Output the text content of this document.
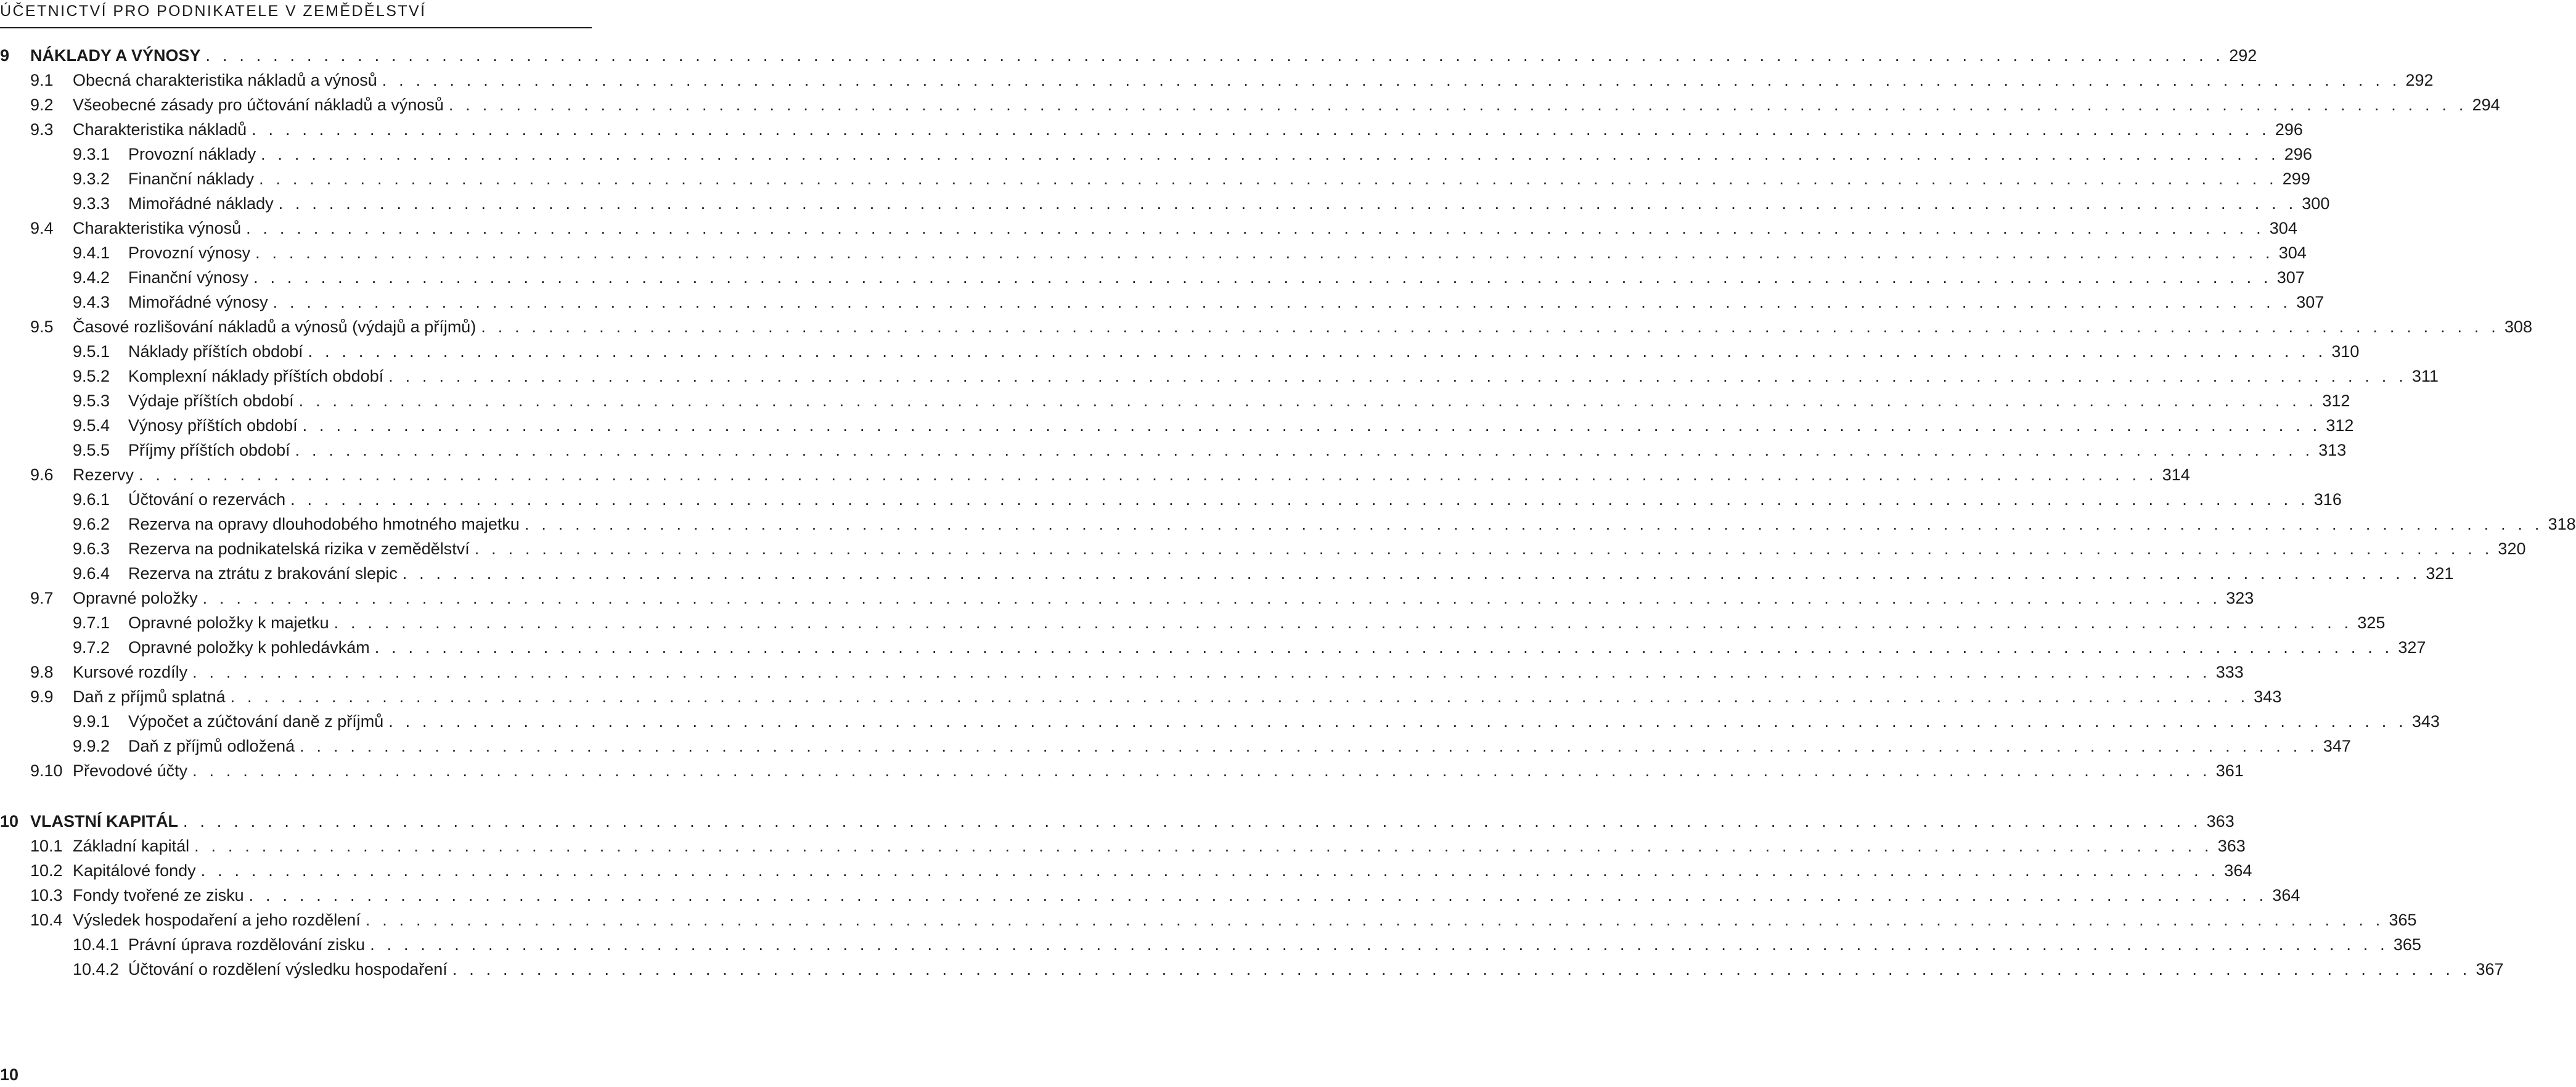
ÚČETNICTVÍ PRO PODNIKATELE V ZEMĚDĚLSTVÍ
9	NÁKLADY A VÝNOSY . . . . . . . . . . . . . . . . . . . . . . . . . . . . . . . . . . . . . . . . . . . . . . . . . . . . . . . . . . . . . . . . . . . . . . . . . . . . . . . . . . . . . . . . . . . . . . . . . . . . . . . . . . . . . . . . . . . . . . . . 292
9.1	Obecná charakteristika nákladů a výnosů . . . . . . . . . . . . . . . . . . . . . . . . . . . . . . . . . . . . . . . . . . . . . . . . . . . . . . . . . . . . . . . . . . . . . . . . . . . . . . . . . . . . . . . . . . . . . . . . . . . . . . . . . . . . . . . . . . . . . . . . 292
9.2	Všeobecné zásady pro účtování nákladů a výnosů . . . . . . . . . . . . . . . . . . . . . . . . . . . . . . . . . . . . . . . . . . . . . . . . . . . . . . . . . . . . . . . . . . . . . . . . . . . . . . . . . . . . . . . . . . . . . . . . . . . . . . . . . . . . . . . . . . . . . . . . 294
9.3	Charakteristika nákladů . . . . . . . . . . . . . . . . . . . . . . . . . . . . . . . . . . . . . . . . . . . . . . . . . . . . . . . . . . . . . . . . . . . . . . . . . . . . . . . . . . . . . . . . . . . . . . . . . . . . . . . . . . . . . . . . . . . . . . . . 296
9.3.1	Provozní náklady . . . . . . . . . . . . . . . . . . . . . . . . . . . . . . . . . . . . . . . . . . . . . . . . . . . . . . . . . . . . . . . . . . . . . . . . . . . . . . . . . . . . . . . . . . . . . . . . . . . . . . . . . . . . . . . . . . . . . . . . 296
9.3.2	Finanční náklady . . . . . . . . . . . . . . . . . . . . . . . . . . . . . . . . . . . . . . . . . . . . . . . . . . . . . . . . . . . . . . . . . . . . . . . . . . . . . . . . . . . . . . . . . . . . . . . . . . . . . . . . . . . . . . . . . . . . . . . . 299
9.3.3	Mimořádné náklady . . . . . . . . . . . . . . . . . . . . . . . . . . . . . . . . . . . . . . . . . . . . . . . . . . . . . . . . . . . . . . . . . . . . . . . . . . . . . . . . . . . . . . . . . . . . . . . . . . . . . . . . . . . . . . . . . . . . . . . . 300
9.4	Charakteristika výnosů . . . . . . . . . . . . . . . . . . . . . . . . . . . . . . . . . . . . . . . . . . . . . . . . . . . . . . . . . . . . . . . . . . . . . . . . . . . . . . . . . . . . . . . . . . . . . . . . . . . . . . . . . . . . . . . . . . . . . . . . 304
9.4.1	Provozní výnosy . . . . . . . . . . . . . . . . . . . . . . . . . . . . . . . . . . . . . . . . . . . . . . . . . . . . . . . . . . . . . . . . . . . . . . . . . . . . . . . . . . . . . . . . . . . . . . . . . . . . . . . . . . . . . . . . . . . . . . . . 304
9.4.2	Finanční výnosy . . . . . . . . . . . . . . . . . . . . . . . . . . . . . . . . . . . . . . . . . . . . . . . . . . . . . . . . . . . . . . . . . . . . . . . . . . . . . . . . . . . . . . . . . . . . . . . . . . . . . . . . . . . . . . . . . . . . . . . . 307
9.4.3	Mimořádné výnosy . . . . . . . . . . . . . . . . . . . . . . . . . . . . . . . . . . . . . . . . . . . . . . . . . . . . . . . . . . . . . . . . . . . . . . . . . . . . . . . . . . . . . . . . . . . . . . . . . . . . . . . . . . . . . . . . . . . . . . . . 307
9.5	Časové rozlišování nákladů a výnosů (výdajů a příjmů) . . . . . . . . . . . . . . . . . . . . . . . . . . . . . . . . . . . . . . . . . . . . . . . . . . . . . . . . . . . . . . . . . . . . . . . . . . . . . . . . . . . . . . . . . . . . . . . . . . . . . . . . . . . . . . . . . . . . . . . . 308
9.5.1	Náklady příštích období . . . . . . . . . . . . . . . . . . . . . . . . . . . . . . . . . . . . . . . . . . . . . . . . . . . . . . . . . . . . . . . . . . . . . . . . . . . . . . . . . . . . . . . . . . . . . . . . . . . . . . . . . . . . . . . . . . . . . . . . 310
9.5.2	Komplexní náklady příštích období . . . . . . . . . . . . . . . . . . . . . . . . . . . . . . . . . . . . . . . . . . . . . . . . . . . . . . . . . . . . . . . . . . . . . . . . . . . . . . . . . . . . . . . . . . . . . . . . . . . . . . . . . . . . . . . . . . . . . . . . 311
9.5.3	Výdaje příštích období . . . . . . . . . . . . . . . . . . . . . . . . . . . . . . . . . . . . . . . . . . . . . . . . . . . . . . . . . . . . . . . . . . . . . . . . . . . . . . . . . . . . . . . . . . . . . . . . . . . . . . . . . . . . . . . . . . . . . . . . 312
9.5.4	Výnosy příštích období . . . . . . . . . . . . . . . . . . . . . . . . . . . . . . . . . . . . . . . . . . . . . . . . . . . . . . . . . . . . . . . . . . . . . . . . . . . . . . . . . . . . . . . . . . . . . . . . . . . . . . . . . . . . . . . . . . . . . . . . 312
9.5.5	Příjmy příštích období . . . . . . . . . . . . . . . . . . . . . . . . . . . . . . . . . . . . . . . . . . . . . . . . . . . . . . . . . . . . . . . . . . . . . . . . . . . . . . . . . . . . . . . . . . . . . . . . . . . . . . . . . . . . . . . . . . . . . . . . 313
9.6	Rezervy . . . . . . . . . . . . . . . . . . . . . . . . . . . . . . . . . . . . . . . . . . . . . . . . . . . . . . . . . . . . . . . . . . . . . . . . . . . . . . . . . . . . . . . . . . . . . . . . . . . . . . . . . . . . . . . . . . . . . . . . 314
9.6.1	Účtování o rezervách . . . . . . . . . . . . . . . . . . . . . . . . . . . . . . . . . . . . . . . . . . . . . . . . . . . . . . . . . . . . . . . . . . . . . . . . . . . . . . . . . . . . . . . . . . . . . . . . . . . . . . . . . . . . . . . . . . . . . . . . 316
9.6.2	Rezerva na opravy dlouhodobého hmotného majetku . . . . . . . . . . . . . . . . . . . . . . . . . . . . . . . . . . . . . . . . . . . . . . . . . . . . . . . . . . . . . . . . . . . . . . . . . . . . . . . . . . . . . . . . . . . . . . . . . . . . . . . . . . . . . . . . . . . . . . . . 318
9.6.3	Rezerva na podnikatelská rizika v zemědělství . . . . . . . . . . . . . . . . . . . . . . . . . . . . . . . . . . . . . . . . . . . . . . . . . . . . . . . . . . . . . . . . . . . . . . . . . . . . . . . . . . . . . . . . . . . . . . . . . . . . . . . . . . . . . . . . . . . . . . . . 320
9.6.4	Rezerva na ztrátu z brakování slepic . . . . . . . . . . . . . . . . . . . . . . . . . . . . . . . . . . . . . . . . . . . . . . . . . . . . . . . . . . . . . . . . . . . . . . . . . . . . . . . . . . . . . . . . . . . . . . . . . . . . . . . . . . . . . . . . . . . . . . . . 321
9.7	Opravné položky . . . . . . . . . . . . . . . . . . . . . . . . . . . . . . . . . . . . . . . . . . . . . . . . . . . . . . . . . . . . . . . . . . . . . . . . . . . . . . . . . . . . . . . . . . . . . . . . . . . . . . . . . . . . . . . . . . . . . . . . 323
9.7.1	Opravné položky k majetku . . . . . . . . . . . . . . . . . . . . . . . . . . . . . . . . . . . . . . . . . . . . . . . . . . . . . . . . . . . . . . . . . . . . . . . . . . . . . . . . . . . . . . . . . . . . . . . . . . . . . . . . . . . . . . . . . . . . . . . . 325
9.7.2	Opravné položky k pohledávkám . . . . . . . . . . . . . . . . . . . . . . . . . . . . . . . . . . . . . . . . . . . . . . . . . . . . . . . . . . . . . . . . . . . . . . . . . . . . . . . . . . . . . . . . . . . . . . . . . . . . . . . . . . . . . . . . . . . . . . . . 327
9.8	Kursové rozdíly . . . . . . . . . . . . . . . . . . . . . . . . . . . . . . . . . . . . . . . . . . . . . . . . . . . . . . . . . . . . . . . . . . . . . . . . . . . . . . . . . . . . . . . . . . . . . . . . . . . . . . . . . . . . . . . . . . . . . . . . 333
9.9	Daň z příjmů splatná . . . . . . . . . . . . . . . . . . . . . . . . . . . . . . . . . . . . . . . . . . . . . . . . . . . . . . . . . . . . . . . . . . . . . . . . . . . . . . . . . . . . . . . . . . . . . . . . . . . . . . . . . . . . . . . . . . . . . . . . 343
9.9.1	Výpočet a zúčtování daně z příjmů . . . . . . . . . . . . . . . . . . . . . . . . . . . . . . . . . . . . . . . . . . . . . . . . . . . . . . . . . . . . . . . . . . . . . . . . . . . . . . . . . . . . . . . . . . . . . . . . . . . . . . . . . . . . . . . . . . . . . . . . 343
9.9.2	Daň z příjmů odložená . . . . . . . . . . . . . . . . . . . . . . . . . . . . . . . . . . . . . . . . . . . . . . . . . . . . . . . . . . . . . . . . . . . . . . . . . . . . . . . . . . . . . . . . . . . . . . . . . . . . . . . . . . . . . . . . . . . . . . . . 347
9.10 Převodové účty . . . . . . . . . . . . . . . . . . . . . . . . . . . . . . . . . . . . . . . . . . . . . . . . . . . . . . . . . . . . . . . . . . . . . . . . . . . . . . . . . . . . . . . . . . . . . . . . . . . . . . . . . . . . . . . . . . . . . . . . 361
10 VLASTNÍ KAPITÁL . . . . . . . . . . . . . . . . . . . . . . . . . . . . . . . . . . . . . . . . . . . . . . . . . . . . . . . . . . . . . . . . . . . . . . . . . . . . . . . . . . . . . . . . . . . . . . . . . . . . . . . . . . . . . . . . . . . . . . . . 363
10.1 Základní kapitál . . . . . . . . . . . . . . . . . . . . . . . . . . . . . . . . . . . . . . . . . . . . . . . . . . . . . . . . . . . . . . . . . . . . . . . . . . . . . . . . . . . . . . . . . . . . . . . . . . . . . . . . . . . . . . . . . . . . . . . . 363
10.2 Kapitálové fondy . . . . . . . . . . . . . . . . . . . . . . . . . . . . . . . . . . . . . . . . . . . . . . . . . . . . . . . . . . . . . . . . . . . . . . . . . . . . . . . . . . . . . . . . . . . . . . . . . . . . . . . . . . . . . . . . . . . . . . . . 364
10.3 Fondy tvořené ze zisku . . . . . . . . . . . . . . . . . . . . . . . . . . . . . . . . . . . . . . . . . . . . . . . . . . . . . . . . . . . . . . . . . . . . . . . . . . . . . . . . . . . . . . . . . . . . . . . . . . . . . . . . . . . . . . . . . . . . . . . . 364
10.4 Výsledek hospodaření a jeho rozdělení . . . . . . . . . . . . . . . . . . . . . . . . . . . . . . . . . . . . . . . . . . . . . . . . . . . . . . . . . . . . . . . . . . . . . . . . . . . . . . . . . . . . . . . . . . . . . . . . . . . . . . . . . . . . . . . . . . . . . . . . 365
10.4.1 Právní úprava rozdělování zisku . . . . . . . . . . . . . . . . . . . . . . . . . . . . . . . . . . . . . . . . . . . . . . . . . . . . . . . . . . . . . . . . . . . . . . . . . . . . . . . . . . . . . . . . . . . . . . . . . . . . . . . . . . . . . . . . . . . . . . . . 365
10.4.2 Účtování o rozdělení výsledku hospodaření . . . . . . . . . . . . . . . . . . . . . . . . . . . . . . . . . . . . . . . . . . . . . . . . . . . . . . . . . . . . . . . . . . . . . . . . . . . . . . . . . . . . . . . . . . . . . . . . . . . . . . . . . . . . . . . . . . . . . . . . 367
10
